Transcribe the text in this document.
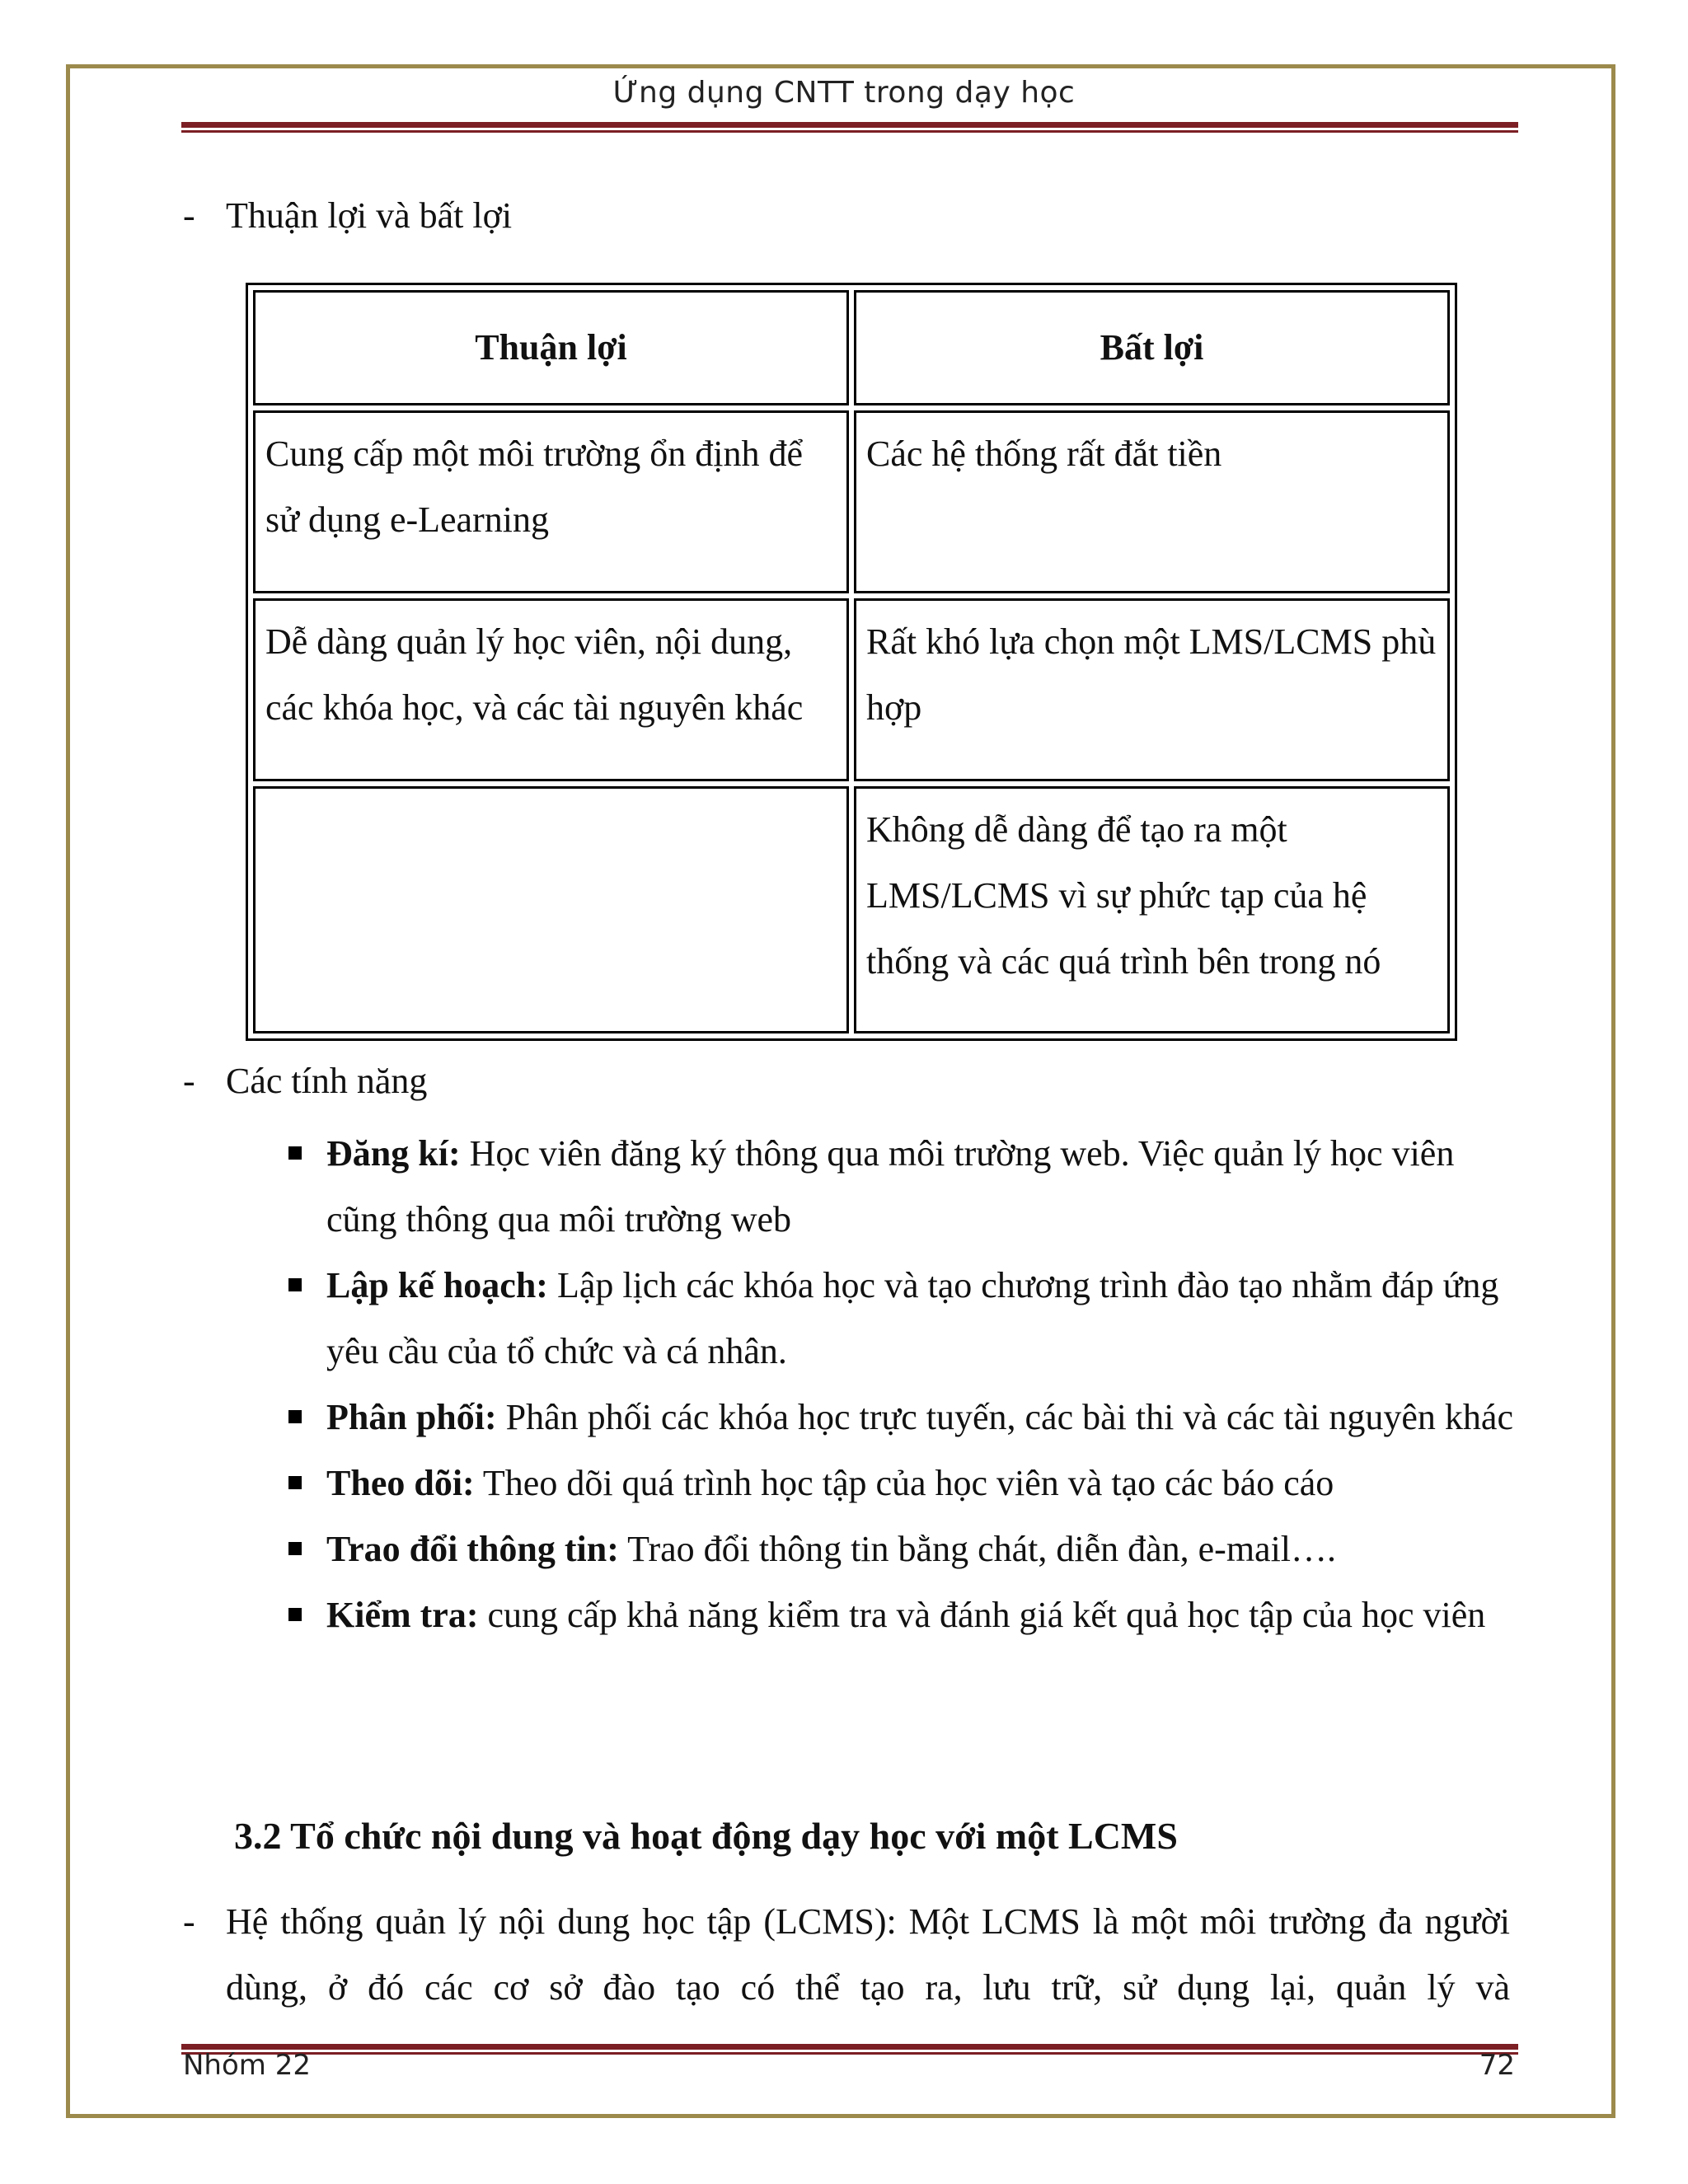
Ứng dụng CNTT trong dạy học
- Thuận lợi và bất lợi
Thuận lợi	Bất lợi
Cung cấp một môi trường ổn định để sử dụng e-Learning	Các hệ thống rất đắt tiền
Dễ dàng quản lý học viên, nội dung, các khóa học, và các tài nguyên khác	Rất khó lựa chọn một LMS/LCMS phù hợp
	Không dễ dàng để tạo ra một LMS/LCMS vì sự phức tạp của hệ thống và các quá trình bên trong nó
- Các tính năng

Đăng kí: Học viên đăng ký thông qua môi trường web. Việc quản lý học viên cũng thông qua môi trường web

Lập kế hoạch: Lập lịch các khóa học và tạo chương trình đào tạo nhằm đáp ứng yêu cầu của tổ chức và cá nhân.

Phân phối: Phân phối các khóa học trực tuyến, các bài thi và các tài nguyên khác

Theo dõi: Theo dõi quá trình học tập của học viên và tạo các báo cáo

Trao đổi thông tin: Trao đổi thông tin bằng chát, diễn đàn, e-mail….

Kiểm tra: cung cấp khả năng kiểm tra và đánh giá kết quả học tập của học viên

3.2 Tổ chức nội dung và hoạt động dạy học với một LCMS
- Hệ thống quản lý nội dung học tập (LCMS): Một LCMS là một môi trường đa người dùng, ở đó các cơ sở đào tạo có thể tạo ra, lưu trữ, sử dụng lại, quản lý và
Nhóm 22	72
